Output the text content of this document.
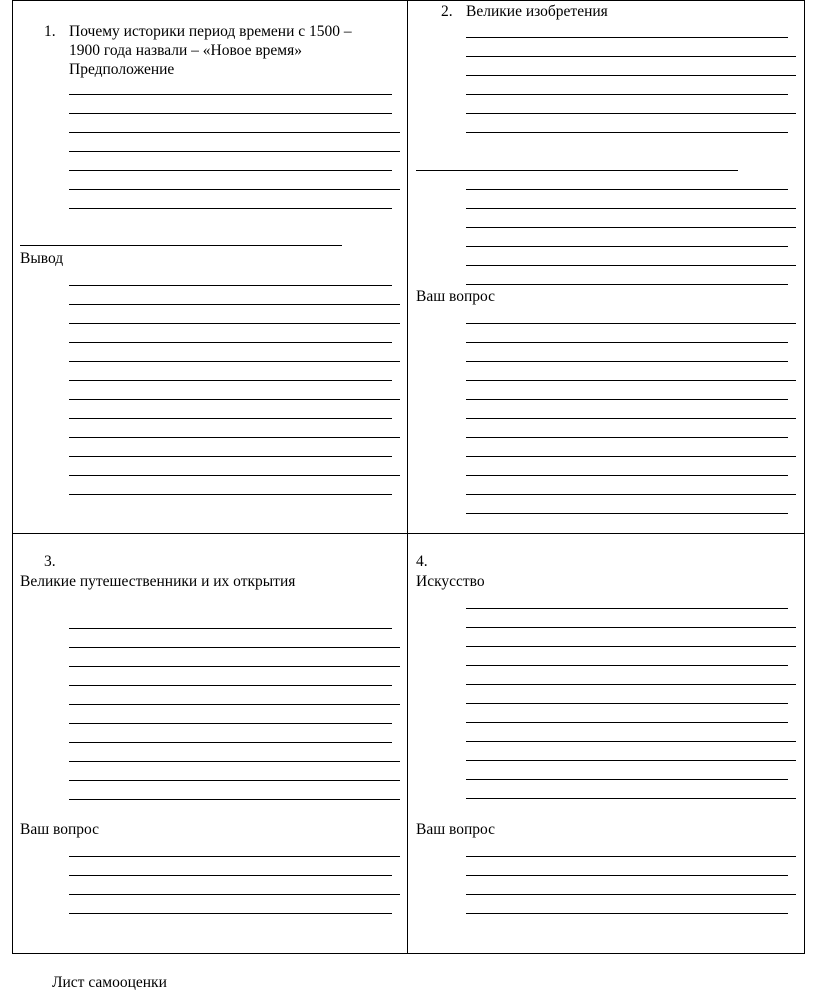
1. Почему историки период времени с 1500 –
1900 года назвали – «Новое время»
Предположение
Вывод
2. Великие изобретения
Ваш вопрос
3.
Великие путешественники и их открытия
Ваш вопрос
4.
Искусство
Ваш вопрос
Лист самооценки
